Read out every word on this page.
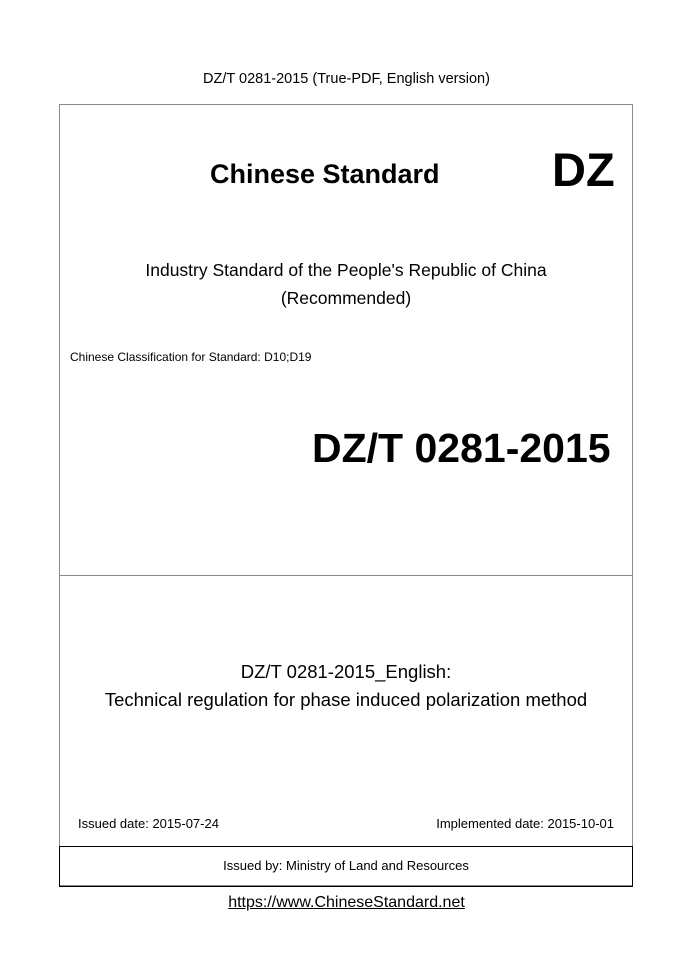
DZ/T 0281-2015 (True-PDF, English version)
Chinese Standard DZ
Industry Standard of the People's Republic of China
(Recommended)
Chinese Classification for Standard: D10;D19
DZ/T 0281-2015
DZ/T 0281-2015_English:
Technical regulation for phase induced polarization method
Issued date: 2015-07-24	Implemented date: 2015-10-01
Issued by: Ministry of Land and Resources
https://www.ChineseStandard.net
